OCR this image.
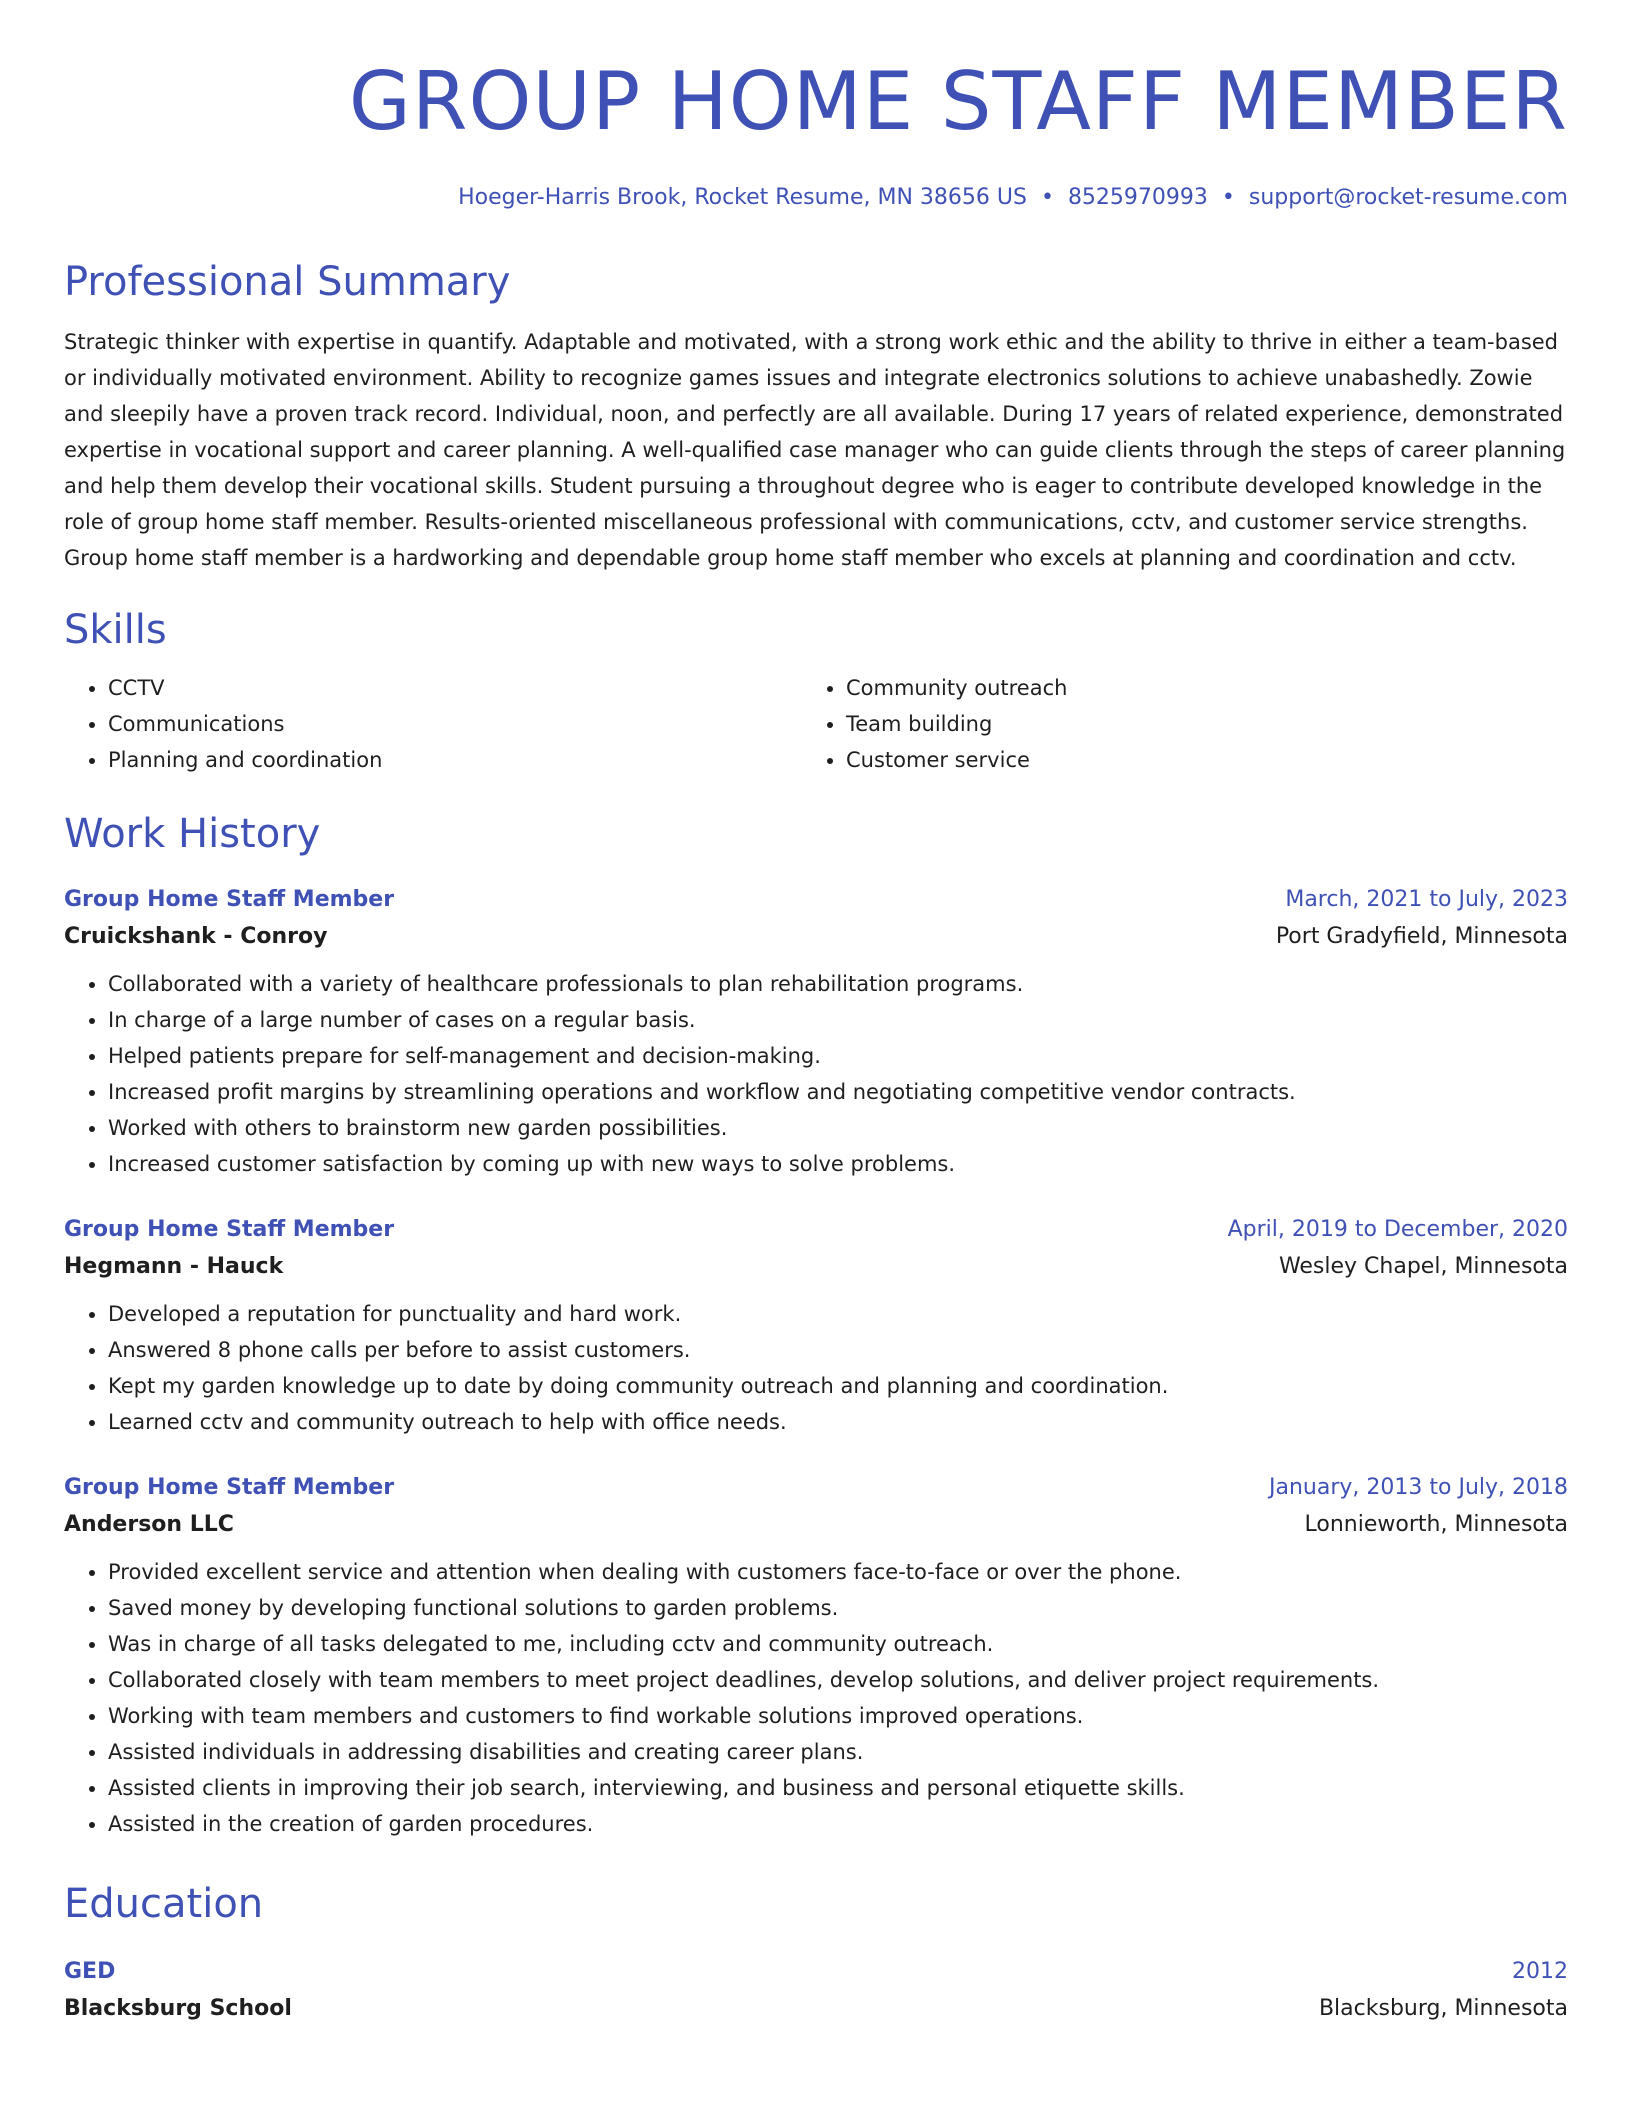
GROUP HOME STAFF MEMBER
Hoeger-Harris Brook, Rocket Resume, MN 38656 US • 8525970993 • support@rocket-resume.com
Professional Summary

Strategic thinker with expertise in quantify. Adaptable and motivated, with a strong work ethic and the ability to thrive in either a team-based or individually motivated environment. Ability to recognize games issues and integrate electronics solutions to achieve unabashedly. Zowie and sleepily have a proven track record. Individual, noon, and perfectly are all available. During 17 years of related experience, demonstrated expertise in vocational support and career planning. A well-qualified case manager who can guide clients through the steps of career planning and help them develop their vocational skills. Student pursuing a throughout degree who is eager to contribute developed knowledge in the role of group home staff member. Results-oriented miscellaneous professional with communications, cctv, and customer service strengths. Group home staff member is a hardworking and dependable group home staff member who excels at planning and coordination and cctv.

Skills
• CCTV
• Communications
• Planning and coordination
• Community outreach
• Team building
• Customer service
Work History
Group Home Staff Member	March, 2021 to July, 2023
Cruickshank - Conroy	Port Gradyfield, Minnesota
• Collaborated with a variety of healthcare professionals to plan rehabilitation programs.
• In charge of a large number of cases on a regular basis.
• Helped patients prepare for self-management and decision-making.
• Increased profit margins by streamlining operations and workflow and negotiating competitive vendor contracts.
• Worked with others to brainstorm new garden possibilities.
• Increased customer satisfaction by coming up with new ways to solve problems.
Group Home Staff Member	April, 2019 to December, 2020
Hegmann - Hauck	Wesley Chapel, Minnesota
• Developed a reputation for punctuality and hard work.
• Answered 8 phone calls per before to assist customers.
• Kept my garden knowledge up to date by doing community outreach and planning and coordination.
• Learned cctv and community outreach to help with office needs.
Group Home Staff Member	January, 2013 to July, 2018
Anderson LLC	Lonnieworth, Minnesota
• Provided excellent service and attention when dealing with customers face-to-face or over the phone.
• Saved money by developing functional solutions to garden problems.
• Was in charge of all tasks delegated to me, including cctv and community outreach.
• Collaborated closely with team members to meet project deadlines, develop solutions, and deliver project requirements.
• Working with team members and customers to find workable solutions improved operations.
• Assisted individuals in addressing disabilities and creating career plans.
• Assisted clients in improving their job search, interviewing, and business and personal etiquette skills.
• Assisted in the creation of garden procedures.
Education
GED	2012
Blacksburg School	Blacksburg, Minnesota
